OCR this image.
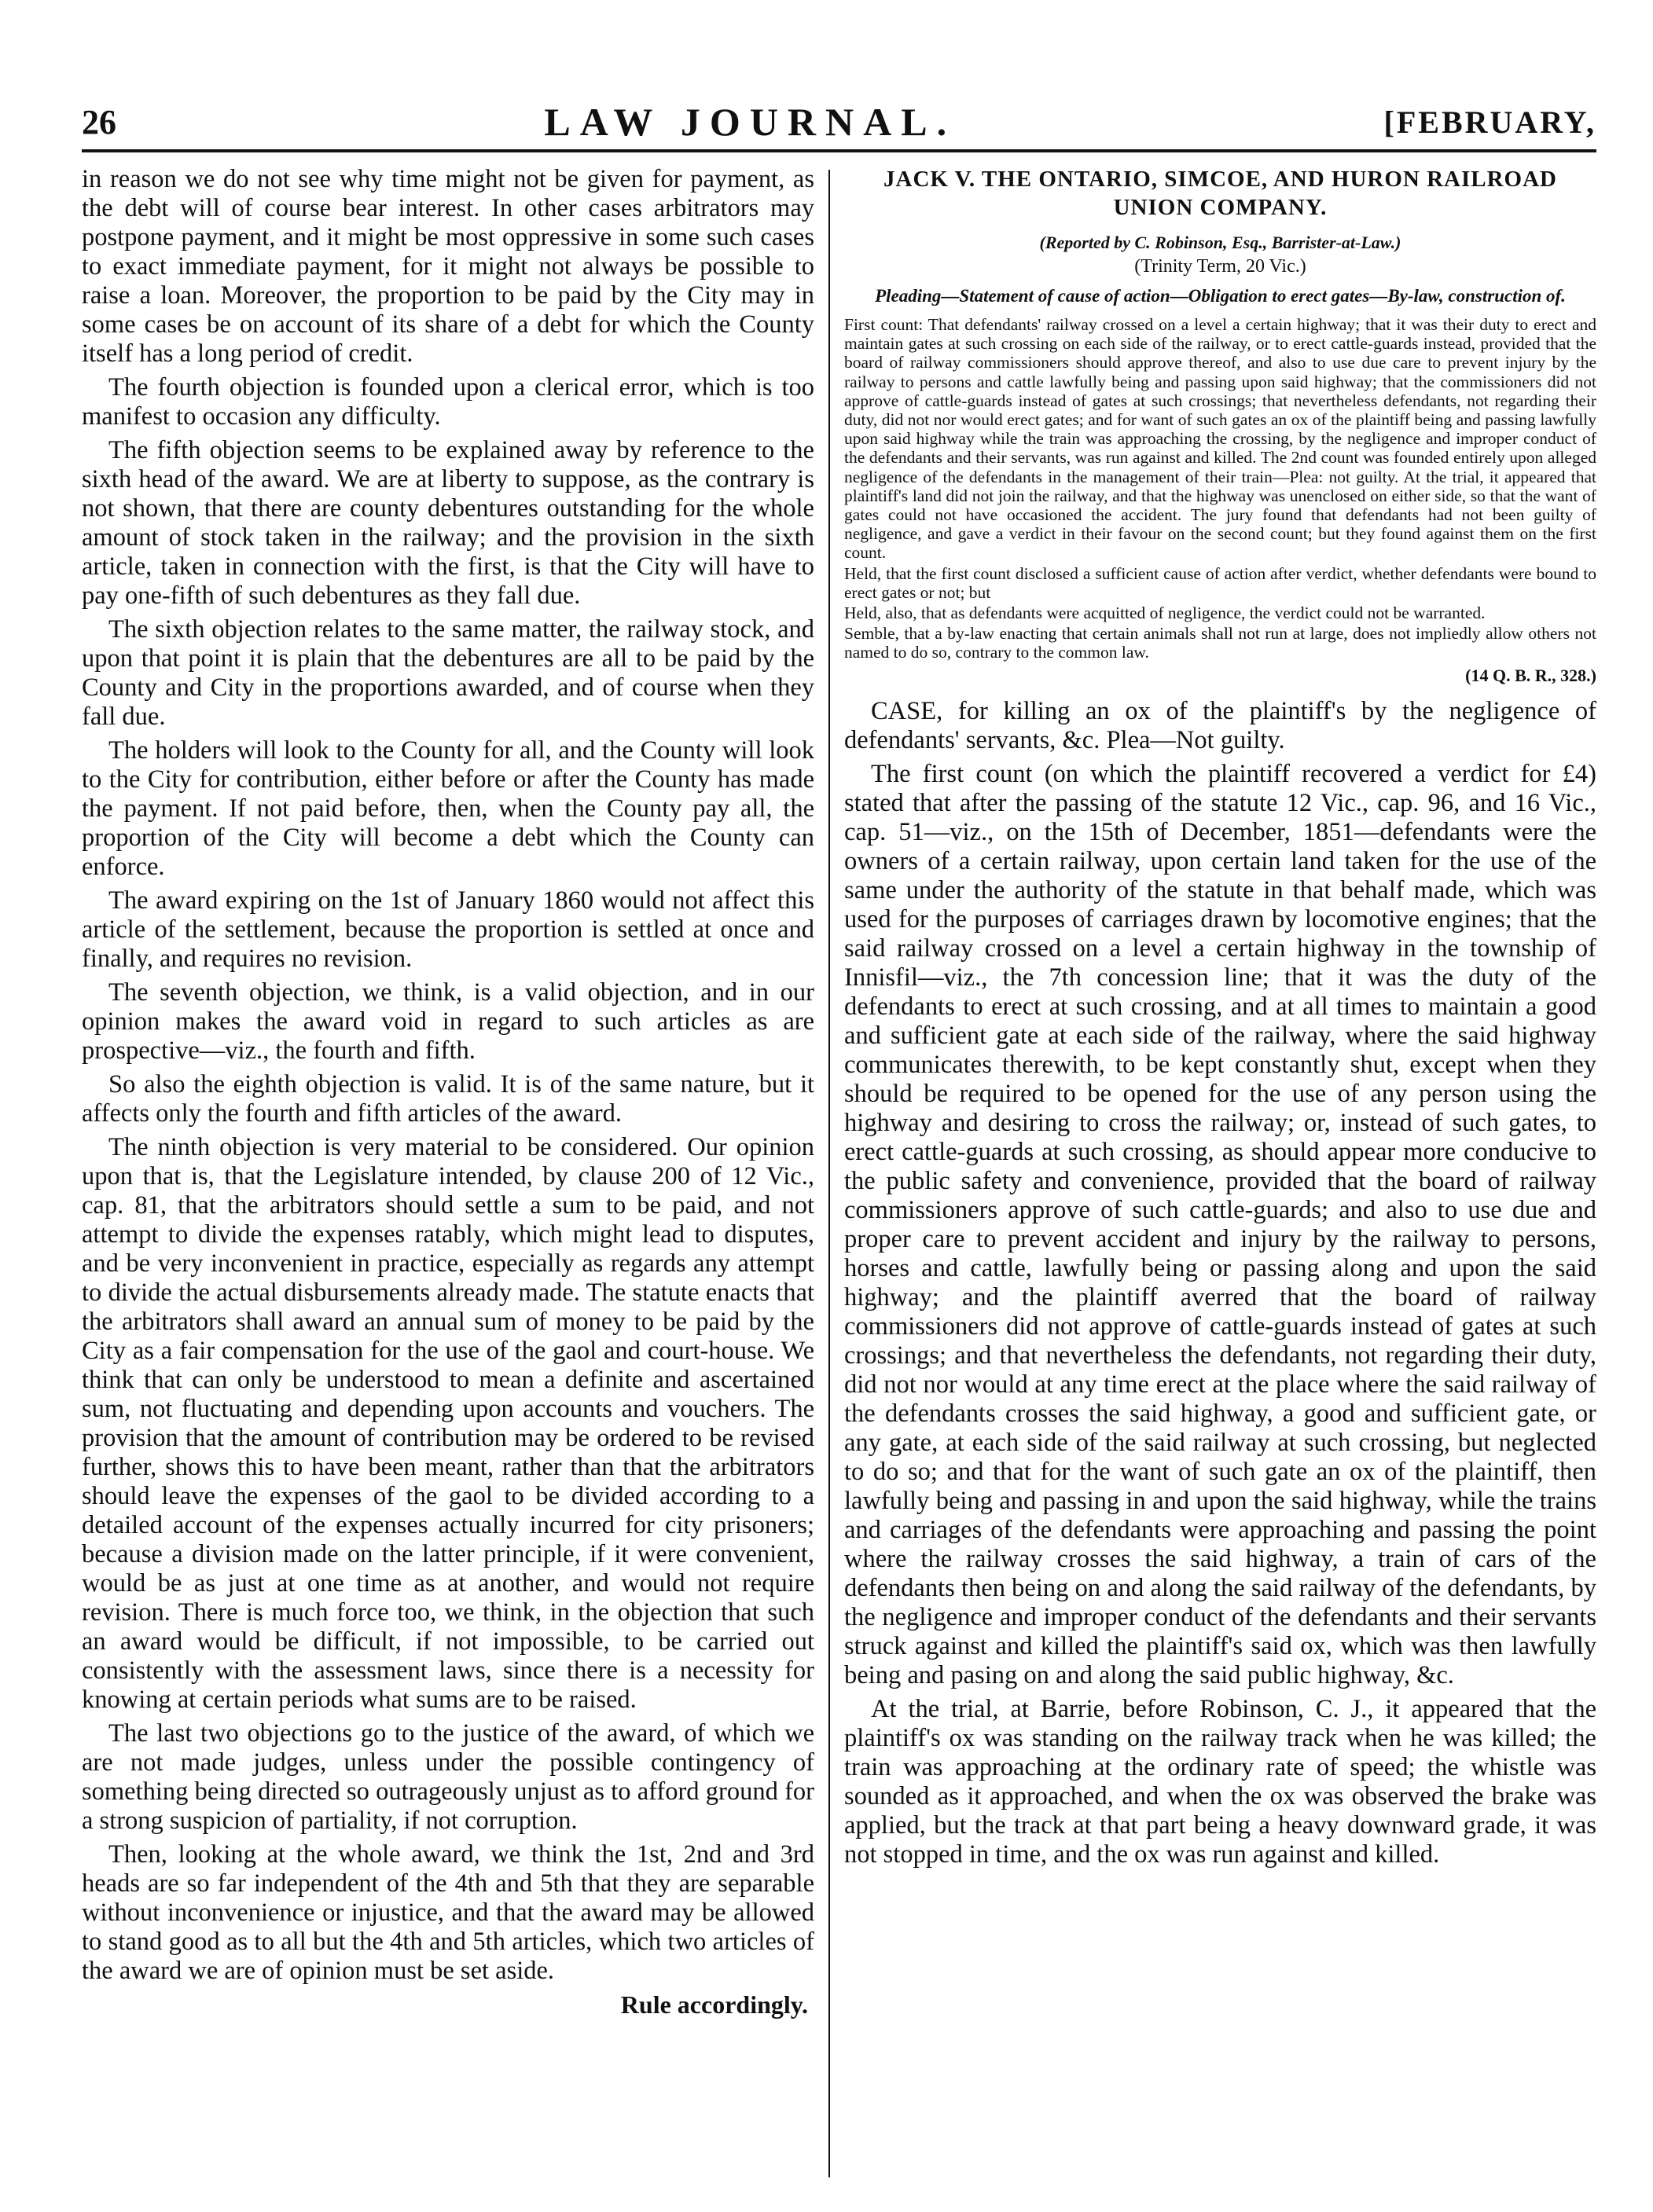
26	LAW JOURNAL.	[FEBRUARY,

in reason we do not see why time might not be given for payment, as the debt will of course bear interest. In other cases arbitrators may postpone payment, and it might be most oppressive in some such cases to exact immediate payment, for it might not always be possible to raise a loan. Moreover, the proportion to be paid by the City may in some cases be on account of its share of a debt for which the County itself has a long period of credit.

The fourth objection is founded upon a clerical error, which is too manifest to occasion any difficulty.

The fifth objection seems to be explained away by reference to the sixth head of the award. We are at liberty to suppose, as the contrary is not shown, that there are county debentures outstanding for the whole amount of stock taken in the railway; and the provision in the sixth article, taken in connection with the first, is that the City will have to pay one-fifth of such debentures as they fall due.

The sixth objection relates to the same matter, the railway stock, and upon that point it is plain that the debentures are all to be paid by the County and City in the proportions awarded, and of course when they fall due.

The holders will look to the County for all, and the County will look to the City for contribution, either before or after the County has made the payment. If not paid before, then, when the County pay all, the proportion of the City will become a debt which the County can enforce.

The award expiring on the 1st of January 1860 would not affect this article of the settlement, because the proportion is settled at once and finally, and requires no revision.

The seventh objection, we think, is a valid objection, and in our opinion makes the award void in regard to such articles as are prospective—viz., the fourth and fifth.

So also the eighth objection is valid. It is of the same nature, but it affects only the fourth and fifth articles of the award.

The ninth objection is very material to be considered. Our opinion upon that is, that the Legislature intended, by clause 200 of 12 Vic., cap. 81, that the arbitrators should settle a sum to be paid, and not attempt to divide the expenses ratably, which might lead to disputes, and be very inconvenient in practice, especially as regards any attempt to divide the actual disbursements already made. The statute enacts that the arbitrators shall award an annual sum of money to be paid by the City as a fair compensation for the use of the gaol and court-house. We think that can only be understood to mean a definite and ascertained sum, not fluctuating and depending upon accounts and vouchers. The provision that the amount of contribution may be ordered to be revised further, shows this to have been meant, rather than that the arbitrators should leave the expenses of the gaol to be divided according to a detailed account of the expenses actually incurred for city prisoners; because a division made on the latter principle, if it were convenient, would be as just at one time as at another, and would not require revision. There is much force too, we think, in the objection that such an award would be difficult, if not impossible, to be carried out consistently with the assessment laws, since there is a necessity for knowing at certain periods what sums are to be raised.

The last two objections go to the justice of the award, of which we are not made judges, unless under the possible contingency of something being directed so outrageously unjust as to afford ground for a strong suspicion of partiality, if not corruption.

Then, looking at the whole award, we think the 1st, 2nd and 3rd heads are so far independent of the 4th and 5th that they are separable without inconvenience or injustice, and that the award may be allowed to stand good as to all but the 4th and 5th articles, which two articles of the award we are of opinion must be set aside.

Rule accordingly.
JACK V. THE ONTARIO, SIMCOE, AND HURON RAILROAD UNION COMPANY.
(Reported by C. Robinson, Esq., Barrister-at-Law.)
(Trinity Term, 20 Vic.)
Pleading—Statement of cause of action—Obligation to erect gates—By-law, construction of.

First count: That defendants' railway crossed on a level a certain highway; that it was their duty to erect and maintain gates at such crossing on each side of the railway, or to erect cattle-guards instead, provided that the board of railway commissioners should approve thereof, and also to use due care to prevent injury by the railway to persons and cattle lawfully being and passing upon said highway; that the commissioners did not approve of cattle-guards instead of gates at such crossings; that nevertheless defendants, not regarding their duty, did not nor would erect gates; and for want of such gates an ox of the plaintiff being and passing lawfully upon said highway while the train was approaching the crossing, by the negligence and improper conduct of the defendants and their servants, was run against and killed. The 2nd count was founded entirely upon alleged negligence of the defendants in the management of their train—Plea: not guilty. At the trial, it appeared that plaintiff's land did not join the railway, and that the highway was unenclosed on either side, so that the want of gates could not have occasioned the accident. The jury found that defendants had not been guilty of negligence, and gave a verdict in their favour on the second count; but they found against them on the first count.

Held, that the first count disclosed a sufficient cause of action after verdict, whether defendants were bound to erect gates or not; but

Held, also, that as defendants were acquitted of negligence, the verdict could not be warranted.

Semble, that a by-law enacting that certain animals shall not run at large, does not impliedly allow others not named to do so, contrary to the common law.

(14 Q. B. R., 328.)

CASE, for killing an ox of the plaintiff's by the negligence of defendants' servants, &c. Plea—Not guilty.

The first count (on which the plaintiff recovered a verdict for £4) stated that after the passing of the statute 12 Vic., cap. 96, and 16 Vic., cap. 51—viz., on the 15th of December, 1851—defendants were the owners of a certain railway, upon certain land taken for the use of the same under the authority of the statute in that behalf made, which was used for the purposes of carriages drawn by locomotive engines; that the said railway crossed on a level a certain highway in the township of Innisfil—viz., the 7th concession line; that it was the duty of the defendants to erect at such crossing, and at all times to maintain a good and sufficient gate at each side of the railway, where the said highway communicates therewith, to be kept constantly shut, except when they should be required to be opened for the use of any person using the highway and desiring to cross the railway; or, instead of such gates, to erect cattle-guards at such crossing, as should appear more conducive to the public safety and convenience, provided that the board of railway commissioners approve of such cattle-guards; and also to use due and proper care to prevent accident and injury by the railway to persons, horses and cattle, lawfully being or passing along and upon the said highway; and the plaintiff averred that the board of railway commissioners did not approve of cattle-guards instead of gates at such crossings; and that nevertheless the defendants, not regarding their duty, did not nor would at any time erect at the place where the said railway of the defendants crosses the said highway, a good and sufficient gate, or any gate, at each side of the said railway at such crossing, but neglected to do so; and that for the want of such gate an ox of the plaintiff, then lawfully being and passing in and upon the said highway, while the trains and carriages of the defendants were approaching and passing the point where the railway crosses the said highway, a train of cars of the defendants then being on and along the said railway of the defendants, by the negligence and improper conduct of the defendants and their servants struck against and killed the plaintiff's said ox, which was then lawfully being and pasing on and along the said public highway, &c.

At the trial, at Barrie, before Robinson, C. J., it appeared that the plaintiff's ox was standing on the railway track when he was killed; the train was approaching at the ordinary rate of speed; the whistle was sounded as it approached, and when the ox was observed the brake was applied, but the track at that part being a heavy downward grade, it was not stopped in time, and the ox was run against and killed.
